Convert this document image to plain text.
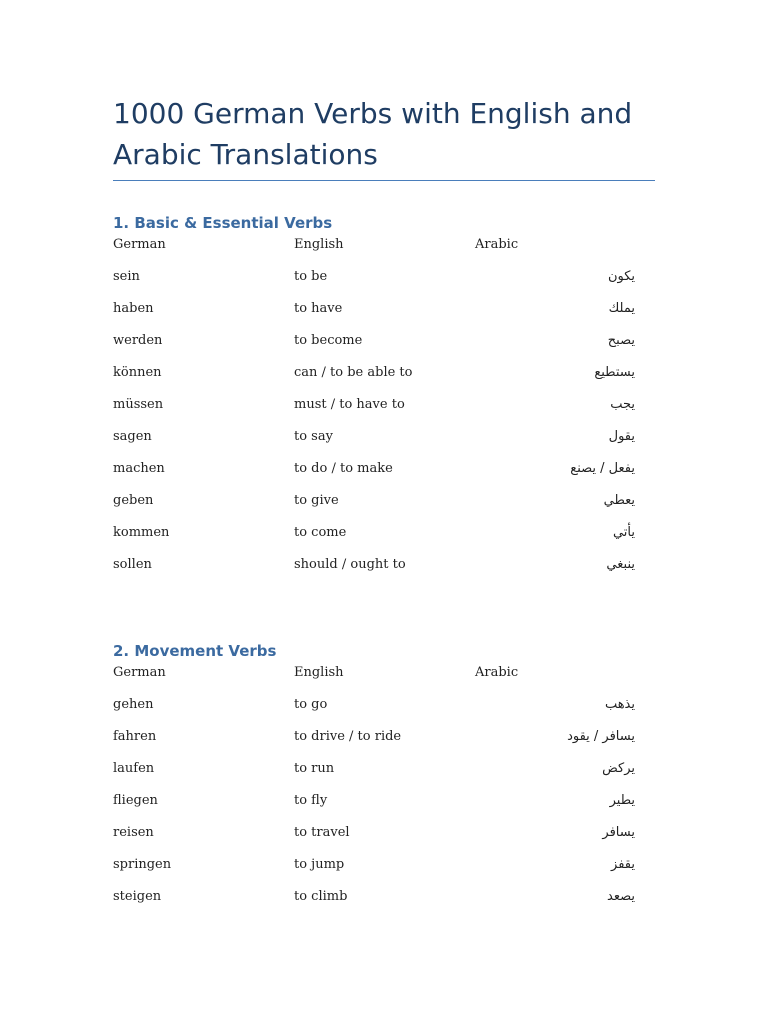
1000 German Verbs with English and Arabic Translations
1. Basic & Essential Verbs
German	English	Arabic
sein	to be	يكون
haben	to have	يملك
werden	to become	يصبح
können	can / to be able to	يستطيع
müssen	must / to have to	يجب
sagen	to say	يقول
machen	to do / to make	يفعل / يصنع
geben	to give	يعطي
kommen	to come	يأتي
sollen	should / ought to	ينبغي
2. Movement Verbs
German	English	Arabic
gehen	to go	يذهب
fahren	to drive / to ride	يسافر / يقود
laufen	to run	يركض
fliegen	to fly	يطير
reisen	to travel	يسافر
springen	to jump	يقفز
steigen	to climb	يصعد
